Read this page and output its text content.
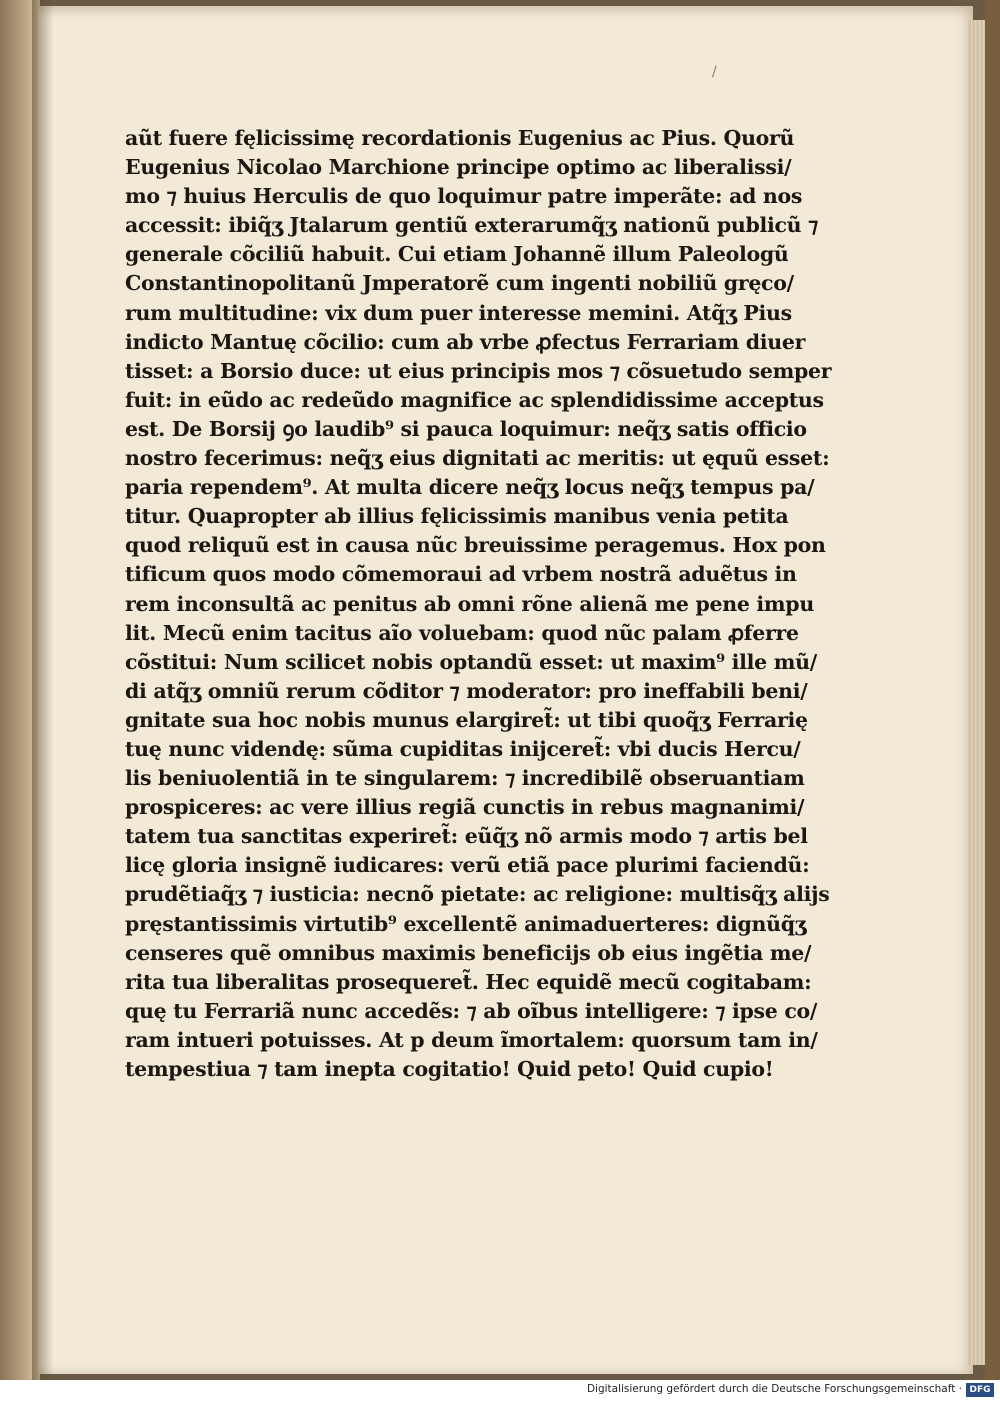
/
aũt fuere fęlicissimę recordationis Eugenius ac Pius. Quorũ
Eugenius Nicolao Marchione principe optimo ac liberalissi/
mo ⁊ huius Herculis de quo loquimur patre imperãte: ad nos
accessit: ibiq̃ʒ Jtalarum gentiũ exterarumq̃ʒ nationũ publicũ ⁊
generale cõciliũ habuit. Cui etiam Johannẽ illum Paleologũ
Constantinopolitanũ Jmperatorẽ cum ingenti nobiliũ gręco/
rum multitudine: vix dum puer interesse memini. Atq̃ʒ Pius
indicto Mantuę cõcilio: cum ab vrbe ꝓfectus Ferrariam diuer
tisset: a Borsio duce: ut eius principis mos ⁊ cõsuetudo semper
fuit: in eũdo ac redeũdo magnifice ac splendidissime acceptus
est. De Borsij ꝯo laudib⁹ si pauca loquimur: neq̃ʒ satis officio
nostro fecerimus: neq̃ʒ eius dignitati ac meritis: ut ęquũ esset:
paria rependem⁹. At multa dicere neq̃ʒ locus neq̃ʒ tempus pa/
titur. Quapropter ab illius fęlicissimis manibus venia petita
quod reliquũ est in causa nũc breuissime peragemus. Hox pon
tificum quos modo cõmemoraui ad vrbem nostrã aduẽtus in
rem inconsultã ac penitus ab omni rõne alienã me pene impu
lit. Mecũ enim tacitus aĩo voluebam: quod nũc palam ꝓferre
cõstitui: Num scilicet nobis optandũ esset: ut maxim⁹ ille mũ/
di atq̃ʒ omniũ rerum cõditor ⁊ moderator: pro ineffabili beni/
gnitate sua hoc nobis munus elargiret̃: ut tibi quoq̃ʒ Ferrarię
tuę nunc videndę: sũma cupiditas inijceret̃: vbi ducis Hercu/
lis beniuolentiã in te singularem: ⁊ incredibilẽ obseruantiam
prospiceres: ac vere illius regiã cunctis in rebus magnanimi/
tatem tua sanctitas experiret̃: eũq̃ʒ nõ armis modo ⁊ artis bel
licę gloria insignẽ iudicares: verũ etiã pace plurimi faciendũ:
prudẽtiaq̃ʒ ⁊ iusticia: necnõ pietate: ac religione: multisq̃ʒ alijs
pręstantissimis virtutib⁹ excellentẽ animaduerteres: dignũq̃ʒ
censeres quẽ omnibus maximis beneficijs ob eius ingẽtia me/
rita tua liberalitas prosequeret̃. Hec equidẽ mecũ cogitabam:
quę tu Ferrariã nunc accedẽs: ⁊ ab oĩbus intelligere: ⁊ ipse co/
ram intueri potuisses. At p deum ĩmortalem: quorsum tam in/
tempestiua ⁊ tam inepta cogitatio! Quid peto! Quid cupio!
Digitalisierung gefördert durch die Deutsche Forschungsgemeinschaft · DFG
